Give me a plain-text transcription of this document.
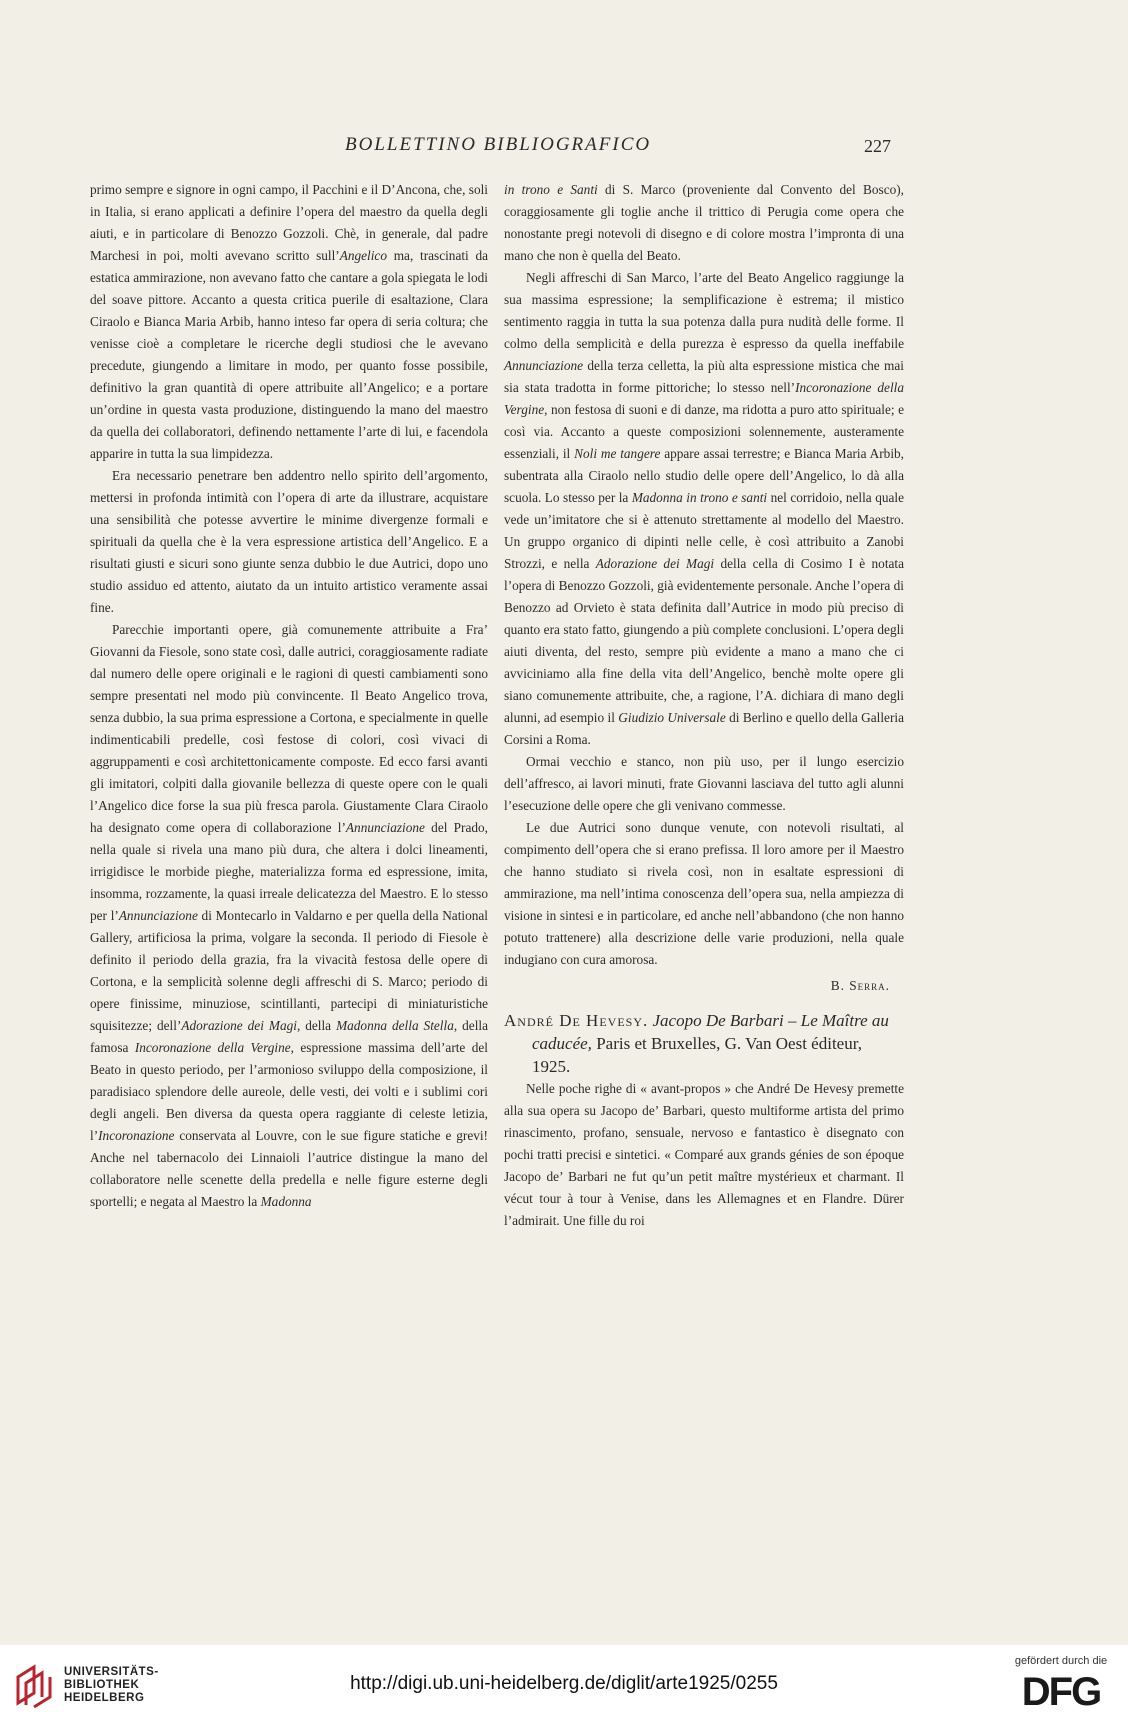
BOLLETTINO BIBLIOGRAFICO	227

primo sempre e signore in ogni campo, il Pacchini e il D’Ancona, che, soli in Italia, si erano applicati a definire l’opera del maestro da quella degli aiuti, e in particolare di Benozzo Gozzoli. Chè, in generale, dal padre Marchesi in poi, molti avevano scritto sull’Angelico ma, trascinati da estatica ammirazione, non avevano fatto che cantare a gola spiegata le lodi del soave pittore. Accanto a questa critica puerile di esaltazione, Clara Ciraolo e Bianca Maria Arbib, hanno inteso far opera di seria coltura; che venisse cioè a completare le ricerche degli studiosi che le avevano precedute, giungendo a limitare in modo, per quanto fosse possibile, definitivo la gran quantità di opere attribuite all’Angelico; e a portare un’ordine in questa vasta produzione, distinguendo la mano del maestro da quella dei collaboratori, definendo nettamente l’arte di lui, e facendola apparire in tutta la sua limpidezza.

Era necessario penetrare ben addentro nello spirito dell’argomento, mettersi in profonda intimità con l’opera di arte da illustrare, acquistare una sensibilità che potesse avvertire le minime divergenze formali e spirituali da quella che è la vera espressione artistica dell’Angelico. E a risultati giusti e sicuri sono giunte senza dubbio le due Autrici, dopo uno studio assiduo ed attento, aiutato da un intuito artistico veramente assai fine.

Parecchie importanti opere, già comunemente attribuite a Fra’ Giovanni da Fiesole, sono state così, dalle autrici, coraggiosamente radiate dal numero delle opere originali e le ragioni di questi cambiamenti sono sempre presentati nel modo più convincente. Il Beato Angelico trova, senza dubbio, la sua prima espressione a Cortona, e specialmente in quelle indimenticabili predelle, così festose di colori, così vivaci di aggruppamenti e così architettonicamente composte. Ed ecco farsi avanti gli imitatori, colpiti dalla giovanile bellezza di queste opere con le quali l’Angelico dice forse la sua più fresca parola. Giustamente Clara Ciraolo ha designato come opera di collaborazione l’Annunciazione del Prado, nella quale si rivela una mano più dura, che altera i dolci lineamenti, irrigidisce le morbide pieghe, materializza forma ed espressione, imita, insomma, rozzamente, la quasi irreale delicatezza del Maestro. E lo stesso per l’Annunciazione di Montecarlo in Valdarno e per quella della National Gallery, artificiosa la prima, volgare la seconda. Il periodo di Fiesole è definito il periodo della grazia, fra la vivacità festosa delle opere di Cortona, e la semplicità solenne degli affreschi di S. Marco; periodo di opere finissime, minuziose, scintillanti, partecipi di miniaturistiche squisitezze; dell’Adorazione dei Magi, della Madonna della Stella, della famosa Incoronazione della Vergine, espressione massima dell’arte del Beato in questo periodo, per l’armonioso sviluppo della composizione, il paradisiaco splendore delle aureole, delle vesti, dei volti e i sublimi cori degli angeli. Ben diversa da questa opera raggiante di celeste letizia, l’Incoronazione conservata al Louvre, con le sue figure statiche e grevi! Anche nel tabernacolo dei Linnaioli l’autrice distingue la mano del collaboratore nelle scenette della predella e nelle figure esterne degli sportelli; e negata al Maestro la Madonna

in trono e Santi di S. Marco (proveniente dal Convento del Bosco), coraggiosamente gli toglie anche il trittico di Perugia come opera che nonostante pregi notevoli di disegno e di colore mostra l’impronta di una mano che non è quella del Beato.

Negli affreschi di San Marco, l’arte del Beato Angelico raggiunge la sua massima espressione; la semplificazione è estrema; il mistico sentimento raggia in tutta la sua potenza dalla pura nudità delle forme. Il colmo della semplicità e della purezza è espresso da quella ineffabile Annunciazione della terza celletta, la più alta espressione mistica che mai sia stata tradotta in forme pittoriche; lo stesso nell’Incoronazione della Vergine, non festosa di suoni e di danze, ma ridotta a puro atto spirituale; e così via. Accanto a queste composizioni solennemente, austeramente essenziali, il Noli me tangere appare assai terrestre; e Bianca Maria Arbib, subentrata alla Ciraolo nello studio delle opere dell’Angelico, lo dà alla scuola. Lo stesso per la Madonna in trono e santi nel corridoio, nella quale vede un’imitatore che si è attenuto strettamente al modello del Maestro. Un gruppo organico di dipinti nelle celle, è così attribuito a Zanobi Strozzi, e nella Adorazione dei Magi della cella di Cosimo I è notata l’opera di Benozzo Gozzoli, già evidentemente personale. Anche l’opera di Benozzo ad Orvieto è stata definita dall’Autrice in modo più preciso di quanto era stato fatto, giungendo a più complete conclusioni. L’opera degli aiuti diventa, del resto, sempre più evidente a mano a mano che ci avviciniamo alla fine della vita dell’Angelico, benchè molte opere gli siano comunemente attribuite, che, a ragione, l’A. dichiara di mano degli alunni, ad esempio il Giudizio Universale di Berlino e quello della Galleria Corsini a Roma.

Ormai vecchio e stanco, non più uso, per il lungo esercizio dell’affresco, ai lavori minuti, frate Giovanni lasciava del tutto agli alunni l’esecuzione delle opere che gli venivano commesse.

Le due Autrici sono dunque venute, con notevoli risultati, al compimento dell’opera che si erano prefissa. Il loro amore per il Maestro che hanno studiato si rivela così, non in esaltate espressioni di ammirazione, ma nell’intima conoscenza dell’opera sua, nella ampiezza di visione in sintesi e in particolare, ed anche nell’abbandono (che non hanno potuto trattenere) alla descrizione delle varie produzioni, nella quale indugiano con cura amorosa.

B. Serra.
André De Hevesy. Jacopo De Barbari – Le Maître au caducée, Paris et Bruxelles, G. Van Oest éditeur, 1925.

Nelle poche righe di « avant-propos » che André De Hevesy premette alla sua opera su Jacopo de’ Barbari, questo multiforme artista del primo rinascimento, profano, sensuale, nervoso e fantastico è disegnato con pochi tratti precisi e sintetici. « Comparé aux grands génies de son époque Jacopo de’ Barbari ne fut qu’un petit maître mystérieux et charmant. Il vécut tour à tour à Venise, dans les Allemagnes et en Flandre. Dürer l’admirait. Une fille du roi

UNIVERSITÄTS-
BIBLIOTHEK
HEIDELBERG
http://digi.ub.uni-heidelberg.de/diglit/arte1925/0255
gefördert durch die
DFG
